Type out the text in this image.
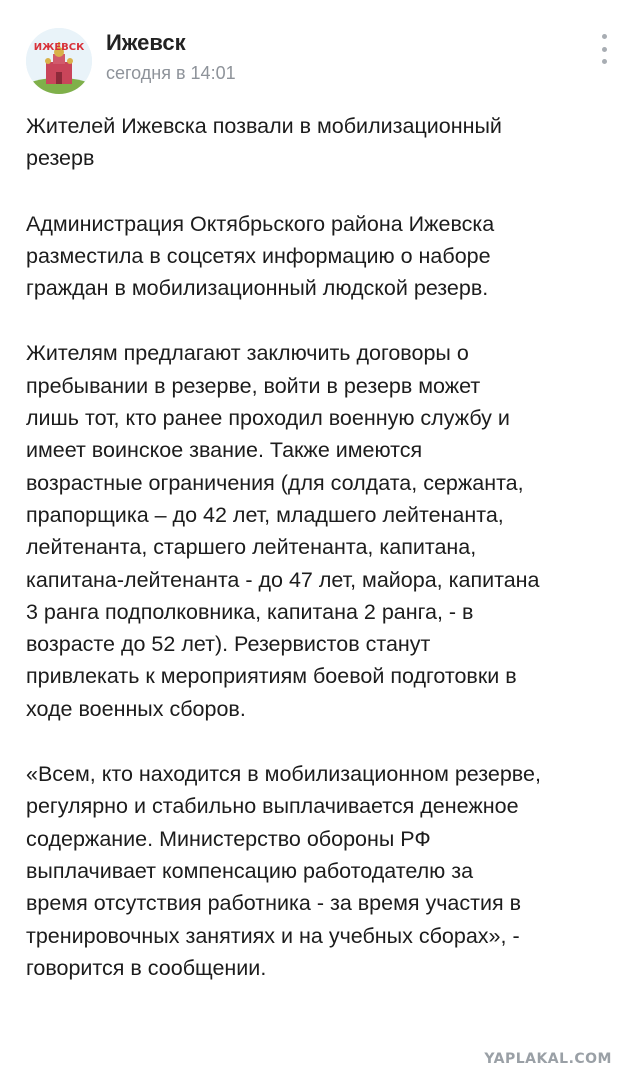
ИЖЕВСК Ижевск
сегодня в 14:01

Жителей Ижевска позвали в мобилизационный
резерв

Администрация Октябрьского района Ижевска
разместила в соцсетях информацию о наборе
граждан в мобилизационный людской резерв.

Жителям предлагают заключить договоры о
пребывании в резерве, войти в резерв может
лишь тот, кто ранее проходил военную службу и
имеет воинское звание. Также имеются
возрастные ограничения (для солдата, сержанта,
прапорщика – до 42 лет, младшего лейтенанта,
лейтенанта, старшего лейтенанта, капитана,
капитана-лейтенанта - до 47 лет, майора, капитана
3 ранга подполковника, капитана 2 ранга, - в
возрасте до 52 лет). Резервистов станут
привлекать к мероприятиям боевой подготовки в
ходе военных сборов.

«Всем, кто находится в мобилизационном резерве,
регулярно и стабильно выплачивается денежное
содержание. Министерство обороны РФ
выплачивает компенсацию работодателю за
время отсутствия работника - за время участия в
тренировочных занятиях и на учебных сборах», -
говорится в сообщении.

YAPLAKAL.COM
